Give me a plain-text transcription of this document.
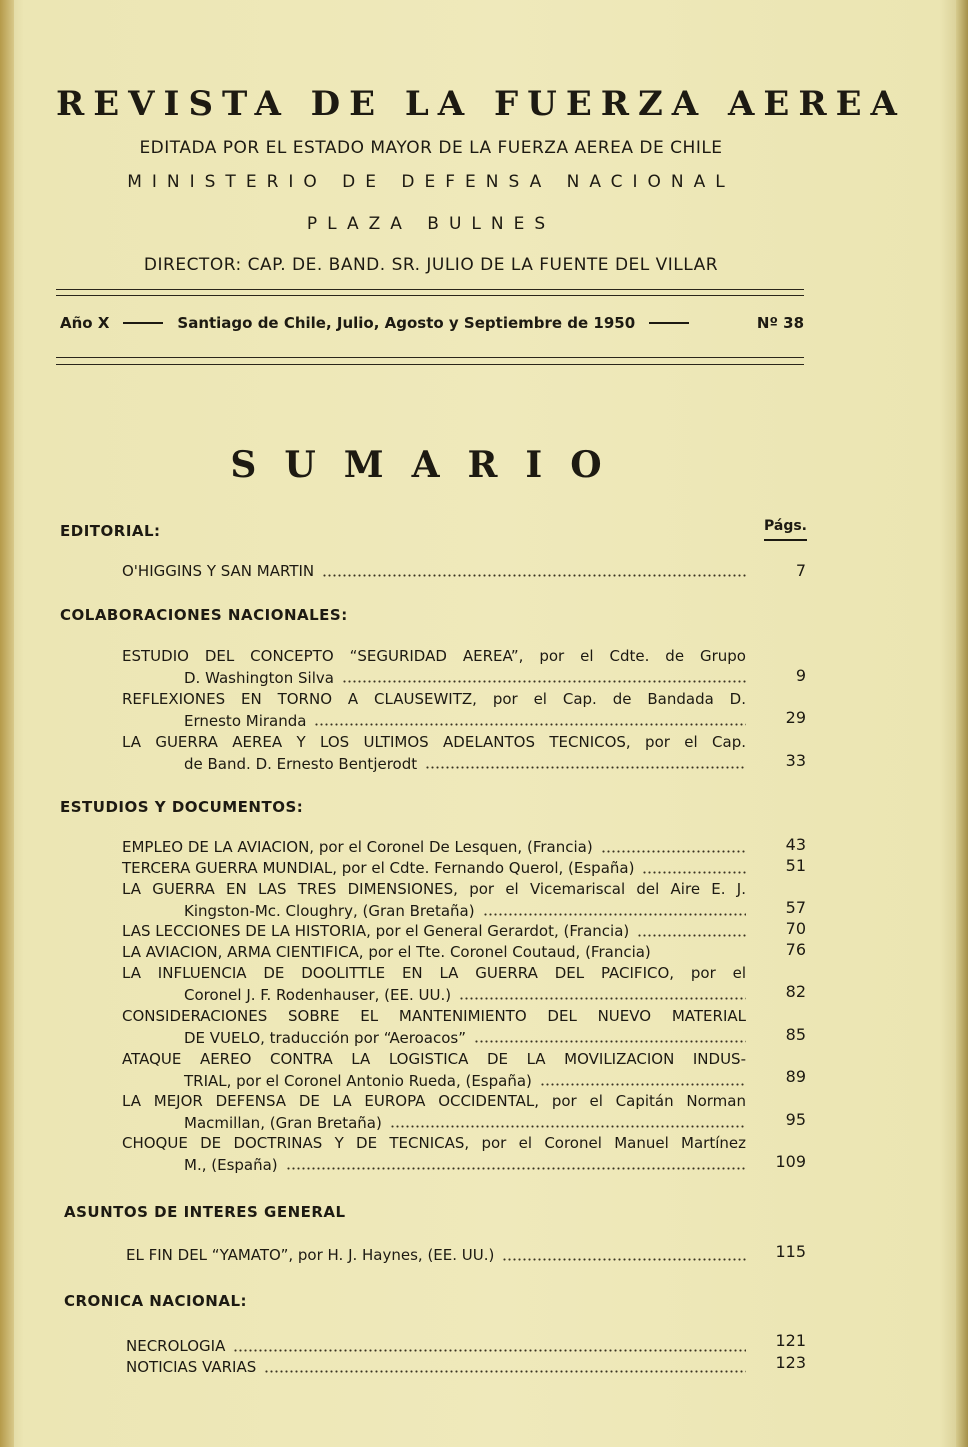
REVISTA DE LA FUERZA AEREA
EDITADA POR EL ESTADO MAYOR DE LA FUERZA AEREA DE CHILE
MINISTERIO DE DEFENSA NACIONAL
PLAZA BULNES
DIRECTOR: CAP. DE. BAND. SR. JULIO DE LA FUENTE DEL VILLAR
Año X	Santiago de Chile, Julio, Agosto y Septiembre de 1950	Nº 38
SUMARIO
Págs.
EDITORIAL:
COLABORACIONES NACIONALES:
ESTUDIOS Y DOCUMENTOS:
ASUNTOS DE INTERES GENERAL
CRONICA NACIONAL:
O'HIGGINS Y SAN MARTIN	7
ESTUDIO DEL CONCEPTO “SEGURIDAD AEREA”, por el Cdte. de Grupo
D. Washington Silva	9
REFLEXIONES EN TORNO A CLAUSEWITZ, por el Cap. de Bandada D.
Ernesto Miranda	29
LA GUERRA AEREA Y LOS ULTIMOS ADELANTOS TECNICOS, por el Cap.
de Band. D. Ernesto Bentjerodt	33
EMPLEO DE LA AVIACION, por el Coronel De Lesquen, (Francia)	43
TERCERA GUERRA MUNDIAL, por el Cdte. Fernando Querol, (España)	51
LA GUERRA EN LAS TRES DIMENSIONES, por el Vicemariscal del Aire E. J.
Kingston-Mc. Cloughry, (Gran Bretaña)	57
LAS LECCIONES DE LA HISTORIA, por el General Gerardot, (Francia)	70
LA AVIACION, ARMA CIENTIFICA, por el Tte. Coronel Coutaud, (Francia)	76
LA INFLUENCIA DE DOOLITTLE EN LA GUERRA DEL PACIFICO, por el
Coronel J. F. Rodenhauser, (EE. UU.)	82
CONSIDERACIONES SOBRE EL MANTENIMIENTO DEL NUEVO MATERIAL
DE VUELO, traducción por “Aeroacos”	85
ATAQUE AEREO CONTRA LA LOGISTICA DE LA MOVILIZACION INDUS-
TRIAL, por el Coronel Antonio Rueda, (España)	89
LA MEJOR DEFENSA DE LA EUROPA OCCIDENTAL, por el Capitán Norman
Macmillan, (Gran Bretaña)	95
CHOQUE DE DOCTRINAS Y DE TECNICAS, por el Coronel Manuel Martínez
M., (España)	109
EL FIN DEL “YAMATO”, por H. J. Haynes, (EE. UU.)	115
NECROLOGIA	121
NOTICIAS VARIAS	123
